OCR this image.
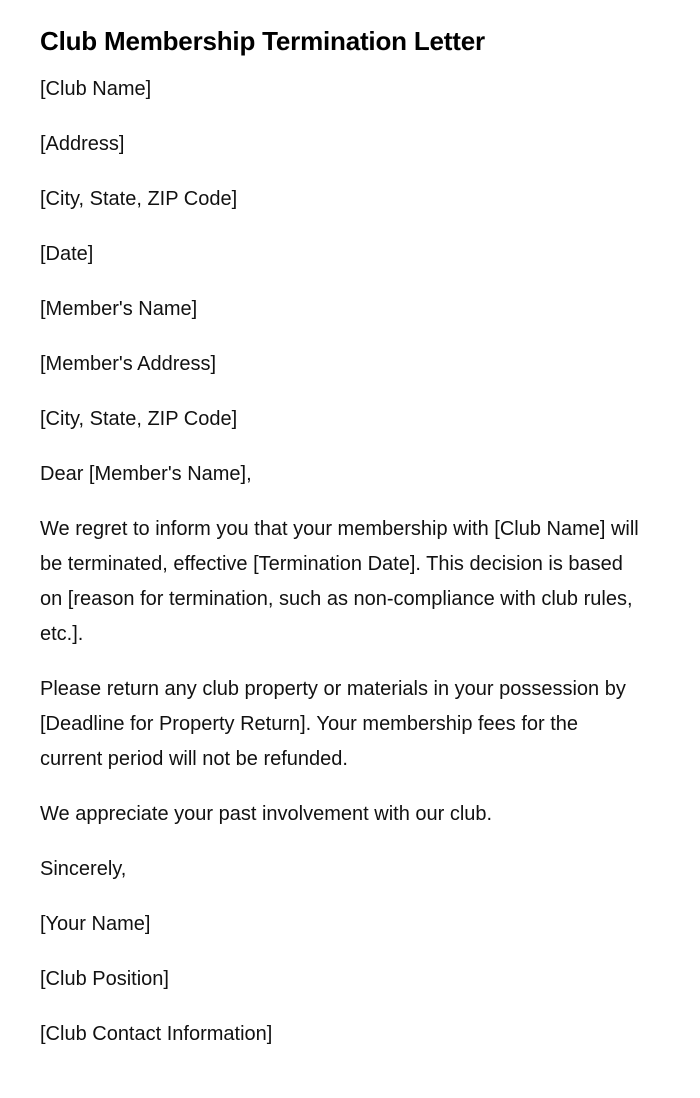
Club Membership Termination Letter

[Club Name]

[Address]

[City, State, ZIP Code]

[Date]

[Member's Name]

[Member's Address]

[City, State, ZIP Code]

Dear [Member's Name],

We regret to inform you that your membership with [Club Name] will be terminated, effective [Termination Date]. This decision is based on [reason for termination, such as non-compliance with club rules, etc.].

Please return any club property or materials in your possession by [Deadline for Property Return]. Your membership fees for the current period will not be refunded.

We appreciate your past involvement with our club.

Sincerely,

[Your Name]

[Club Position]

[Club Contact Information]
